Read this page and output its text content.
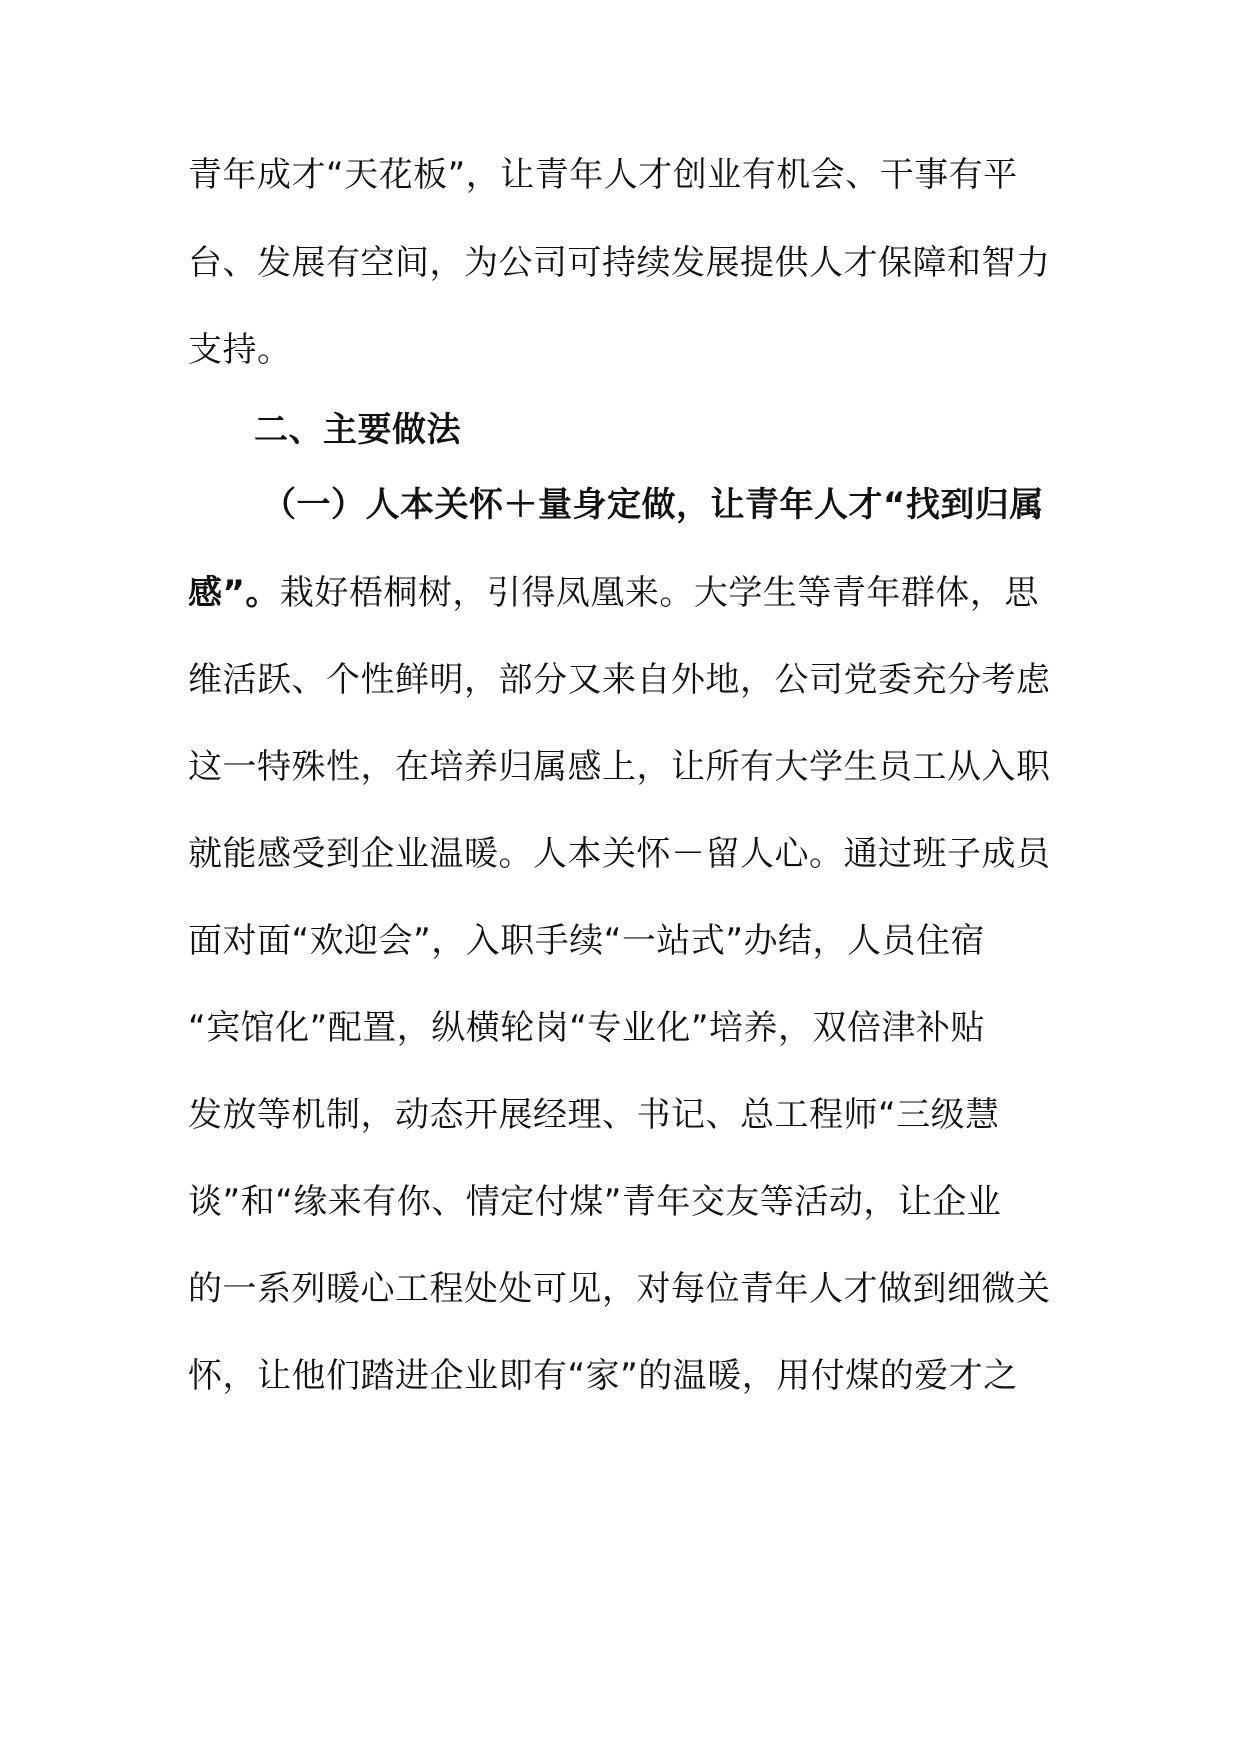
青年成才“天花板”，让青年人才创业有机会、干事有平
台、发展有空间，为公司可持续发展提供人才保障和智力
支持。
二、主要做法
（一）人本关怀＋量身定做，让青年人才“找到归属
感”。栽好梧桐树，引得凤凰来。大学生等青年群体，思
维活跃、个性鲜明，部分又来自外地，公司党委充分考虑
这一特殊性，在培养归属感上，让所有大学生员工从入职
就能感受到企业温暖。人本关怀－留人心。通过班子成员
面对面“欢迎会”，入职手续“一站式”办结，人员住宿
“宾馆化”配置，纵横轮岗“专业化”培养，双倍津补贴
发放等机制，动态开展经理、书记、总工程师“三级慧
谈”和“缘来有你、情定付煤”青年交友等活动，让企业
的一系列暖心工程处处可见，对每位青年人才做到细微关
怀，让他们踏进企业即有“家”的温暖，用付煤的爱才之
